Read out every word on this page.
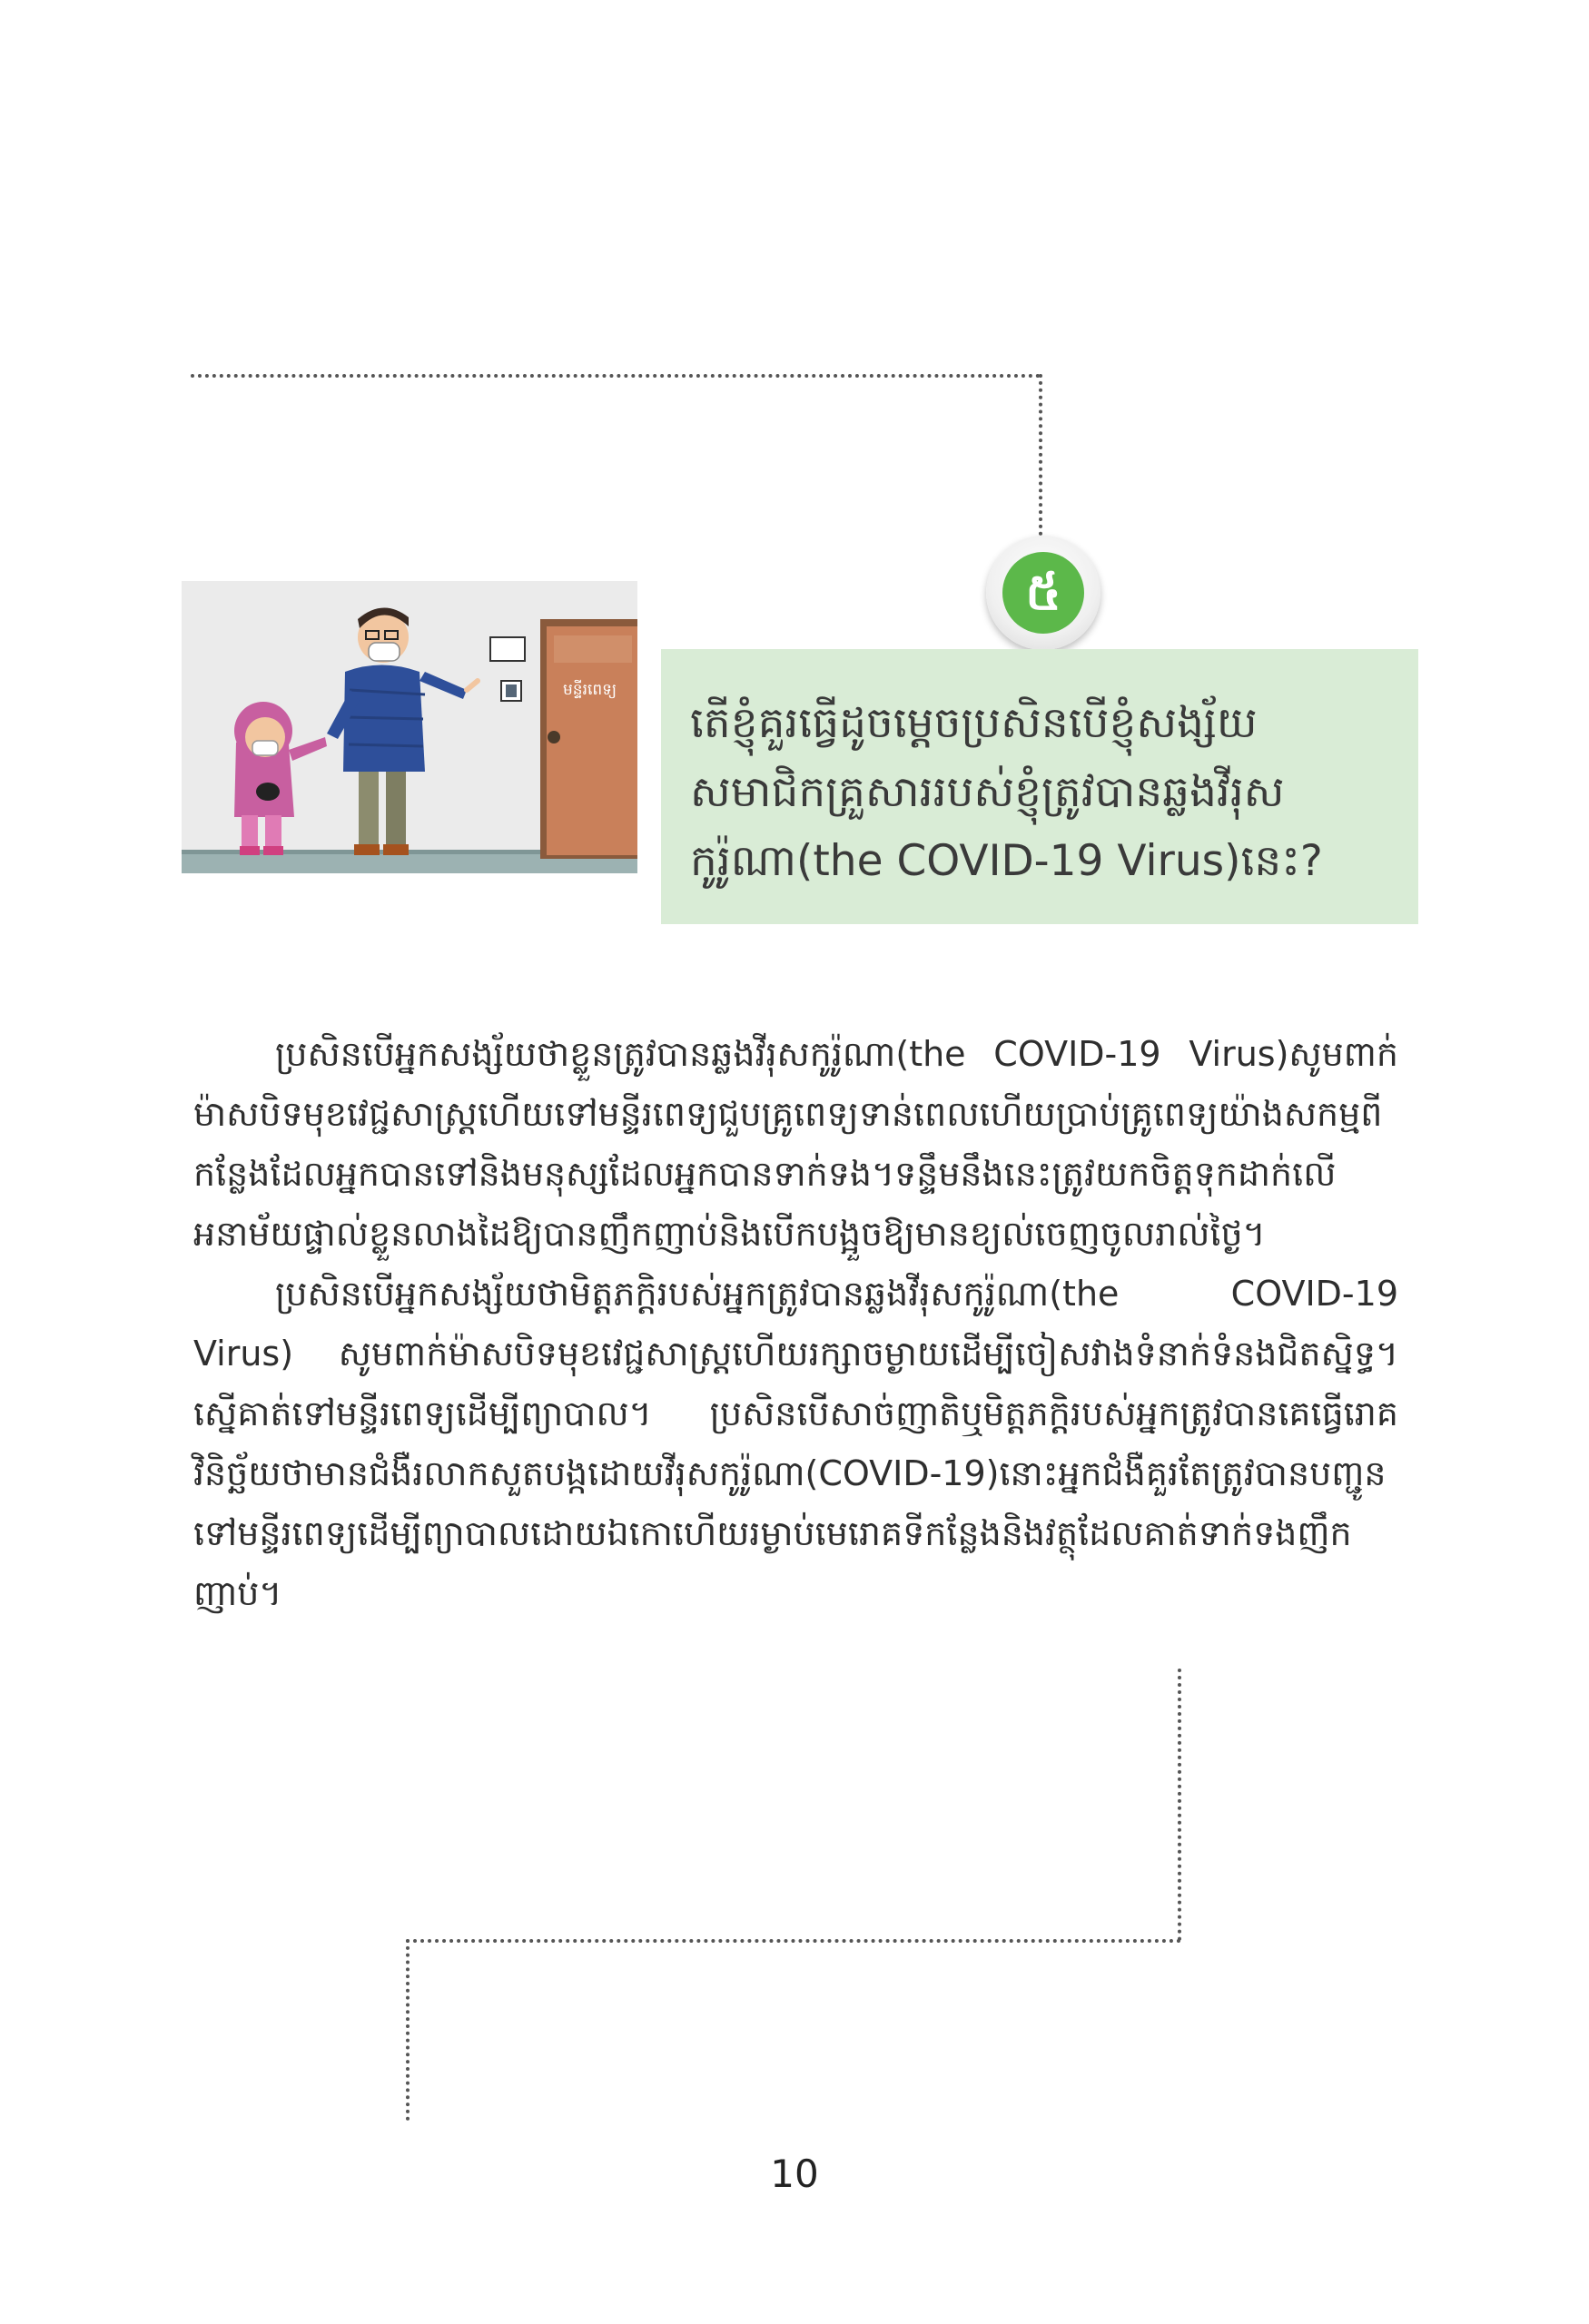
មន្ទីរពេទ្យ
៥

តើខ្ញុំគួរធ្វើដូចម្ដេចប្រសិនបើខ្ញុំសង្ស័យសមាជិកគ្រួសាររបស់ខ្ញុំត្រូវបានឆ្លងវីរុសកូរ៉ូណា(the COVID-19 Virus)នេះ?

ប្រសិនបើអ្នកសង្ស័យថាខ្លួនត្រូវបានឆ្លងវីរុសកូរ៉ូណា(the COVID-19 Virus)សូមពាក់ម៉ាសបិទមុខវេជ្ជសាស្ត្រហើយទៅមន្ទីរពេទ្យជួបគ្រូពេទ្យទាន់ពេលហើយប្រាប់គ្រូពេទ្យយ៉ាងសកម្មពីកន្លែងដែលអ្នកបានទៅនិងមនុស្សដែលអ្នកបានទាក់ទង។ទន្ទឹមនឹងនេះត្រូវយកចិត្តទុកដាក់លើអនាម័យផ្ទាល់ខ្លួនលាងដៃឱ្យបានញឹកញាប់និងបើកបង្អួចឱ្យមានខ្យល់ចេញចូលរាល់ថ្ងៃ។

ប្រសិនបើអ្នកសង្ស័យថាមិត្តភក្តិរបស់អ្នកត្រូវបានឆ្លងវីរុសកូរ៉ូណា(the COVID-19 Virus) សូមពាក់ម៉ាសបិទមុខវេជ្ជសាស្ត្រហើយរក្សាចម្ងាយដើម្បីចៀសវាងទំនាក់ទំនងជិតស្និទ្ធ។ ស្នើគាត់ទៅមន្ទីរពេទ្យដើម្បីព្យាបាល។ ប្រសិនបើសាច់ញាតិឬមិត្តភក្តិរបស់អ្នកត្រូវបានគេធ្វើរោគវិនិច្ឆ័យថាមានជំងឺរលាកសួតបង្កដោយវីរុសកូរ៉ូណា(COVID-19)នោះអ្នកជំងឺគួរតែត្រូវបានបញ្ជូនទៅមន្ទីរពេទ្យដើម្បីព្យាបាលដោយឯកោហើយរម្ងាប់មេរោគទីកន្លែងនិងវត្ថុដែលគាត់ទាក់ទងញឹកញាប់។

10
